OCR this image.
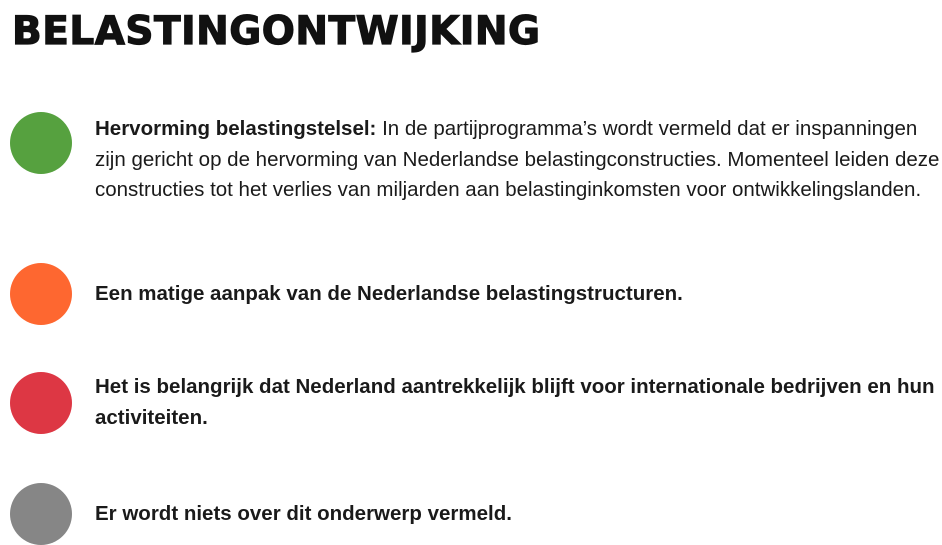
BELASTINGONTWIJKING
Hervorming belastingstelsel: In de partijprogramma’s wordt vermeld dat er inspanningen zijn gericht op de hervorming van Nederlandse belastingconstructies. Momenteel leiden deze constructies tot het verlies van miljarden aan belastinginkomsten voor ontwikkelingslanden.
Een matige aanpak van de Nederlandse belastingstructuren.
Het is belangrijk dat Nederland aantrekkelijk blijft voor internationale bedrijven en hun activiteiten.
Er wordt niets over dit onderwerp vermeld.
